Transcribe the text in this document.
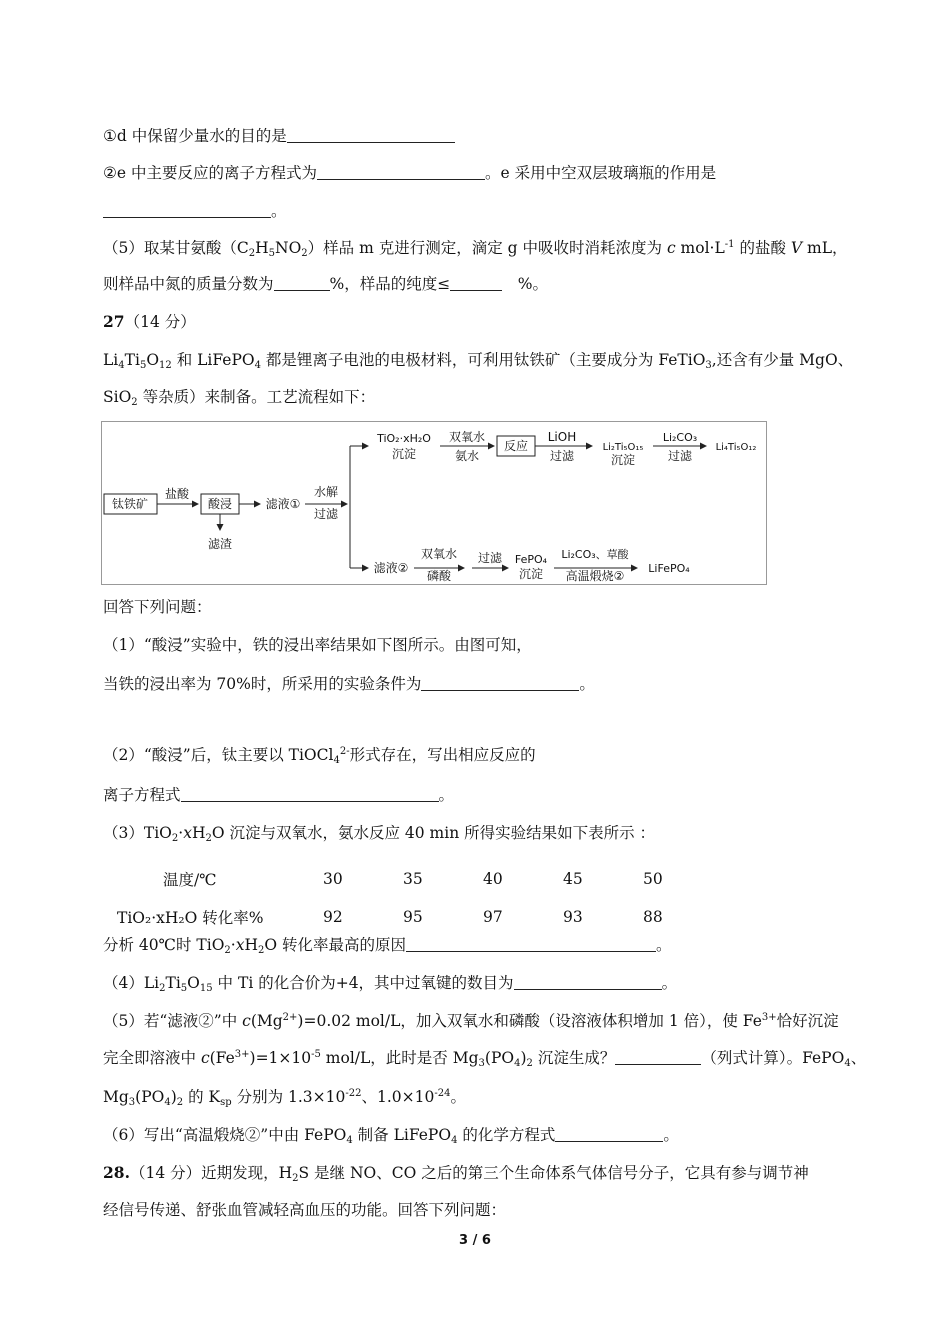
①d 中保留少量水的目的是
②e 中主要反应的离子方程式为	。e 采用中空双层玻璃瓶的作用是
。
（5）取某甘氨酸$(C_2H_5NO_2)$样品 m 克进行测定，滴定 g 中吸收时消耗浓度为 c $mol\cdot L^{-1}$ 的盐酸 V mL，
则样品中氮的质量分数为	%，样品的纯度≤	　%。
27（14 分）
$Li_4Ti_5O_{12}$ 和 LiFePO$_4$ 都是锂离子电池的电极材料，可利用钛铁矿（主要成分为 FeTiO$_3$,还含有少量 MgO、
SiO$_2$ 等杂质）来制备。工艺流程如下：
钛铁矿
盐酸
酸浸
滤渣
滤液①
水解
过滤
TiO₂·xH₂O
沉淀
双氧水
氨水
反应
LiOH
过滤
Li₂Ti₅O₁₅
沉淀
Li₂CO₃
过滤
Li₄Ti₅O₁₂
滤液②
双氧水
磷酸
过滤 FePO₄
沉淀
Li₂CO₃、草酸
高温煅烧②
LiFePO₄
回答下列问题：
（1）“酸浸”实验中，铁的浸出率结果如下图所示。由图可知，
当铁的浸出率为 70%时，所采用的实验条件为	。
（2）“酸浸”后，钛主要以 TiOCl$_4^{2-}$形式存在，写出相应反应的
离子方程式	。
$(3)TiO_2\cdot xH_2O$ 沉淀与双氧水，氨水反应 40 min 所得实验结果如下表所示 ：
温度/℃	30	35	40	45	50
TiO₂·xH₂O 转化率%	92	95	97	93	88
分析 40℃时 $TiO_2\cdot xH_2O$ 转化率最高的原因	。
$(4)Li_2Ti_5O_{15}$ 中 Ti 的化合价为+4，其中过氧键的数目为	。
（5）若“滤液②”中 $c(Mg^{2+})=0.02$ mol/L，加入双氧水和磷酸（设溶液体积增加 1 倍），使 $Fe^{3+}$恰好沉淀
完全即溶液中 $c(Fe^{3+})=1\times 10^{-5}$ mol/L，此时是否 $Mg_3(PO_4)_2$ 沉淀生成？	（列式计算）。FePO$_4$、
$Mg_3(PO_4)_2$ 的 $K_{sp}$ 分别为 $1.3\times 10^{-22}$、$1.0\times 10^{-24}$。
（6）写出“高温煅烧②”中由 FePO$_4$ 制备 LiFePO$_4$ 的化学方程式	。
28.（14 分）近期发现，$H_2S$ 是继 NO、CO 之后的第三个生命体系气体信号分子，它具有参与调节神
经信号传递、舒张血管减轻高血压的功能。回答下列问题：
3 / 6
